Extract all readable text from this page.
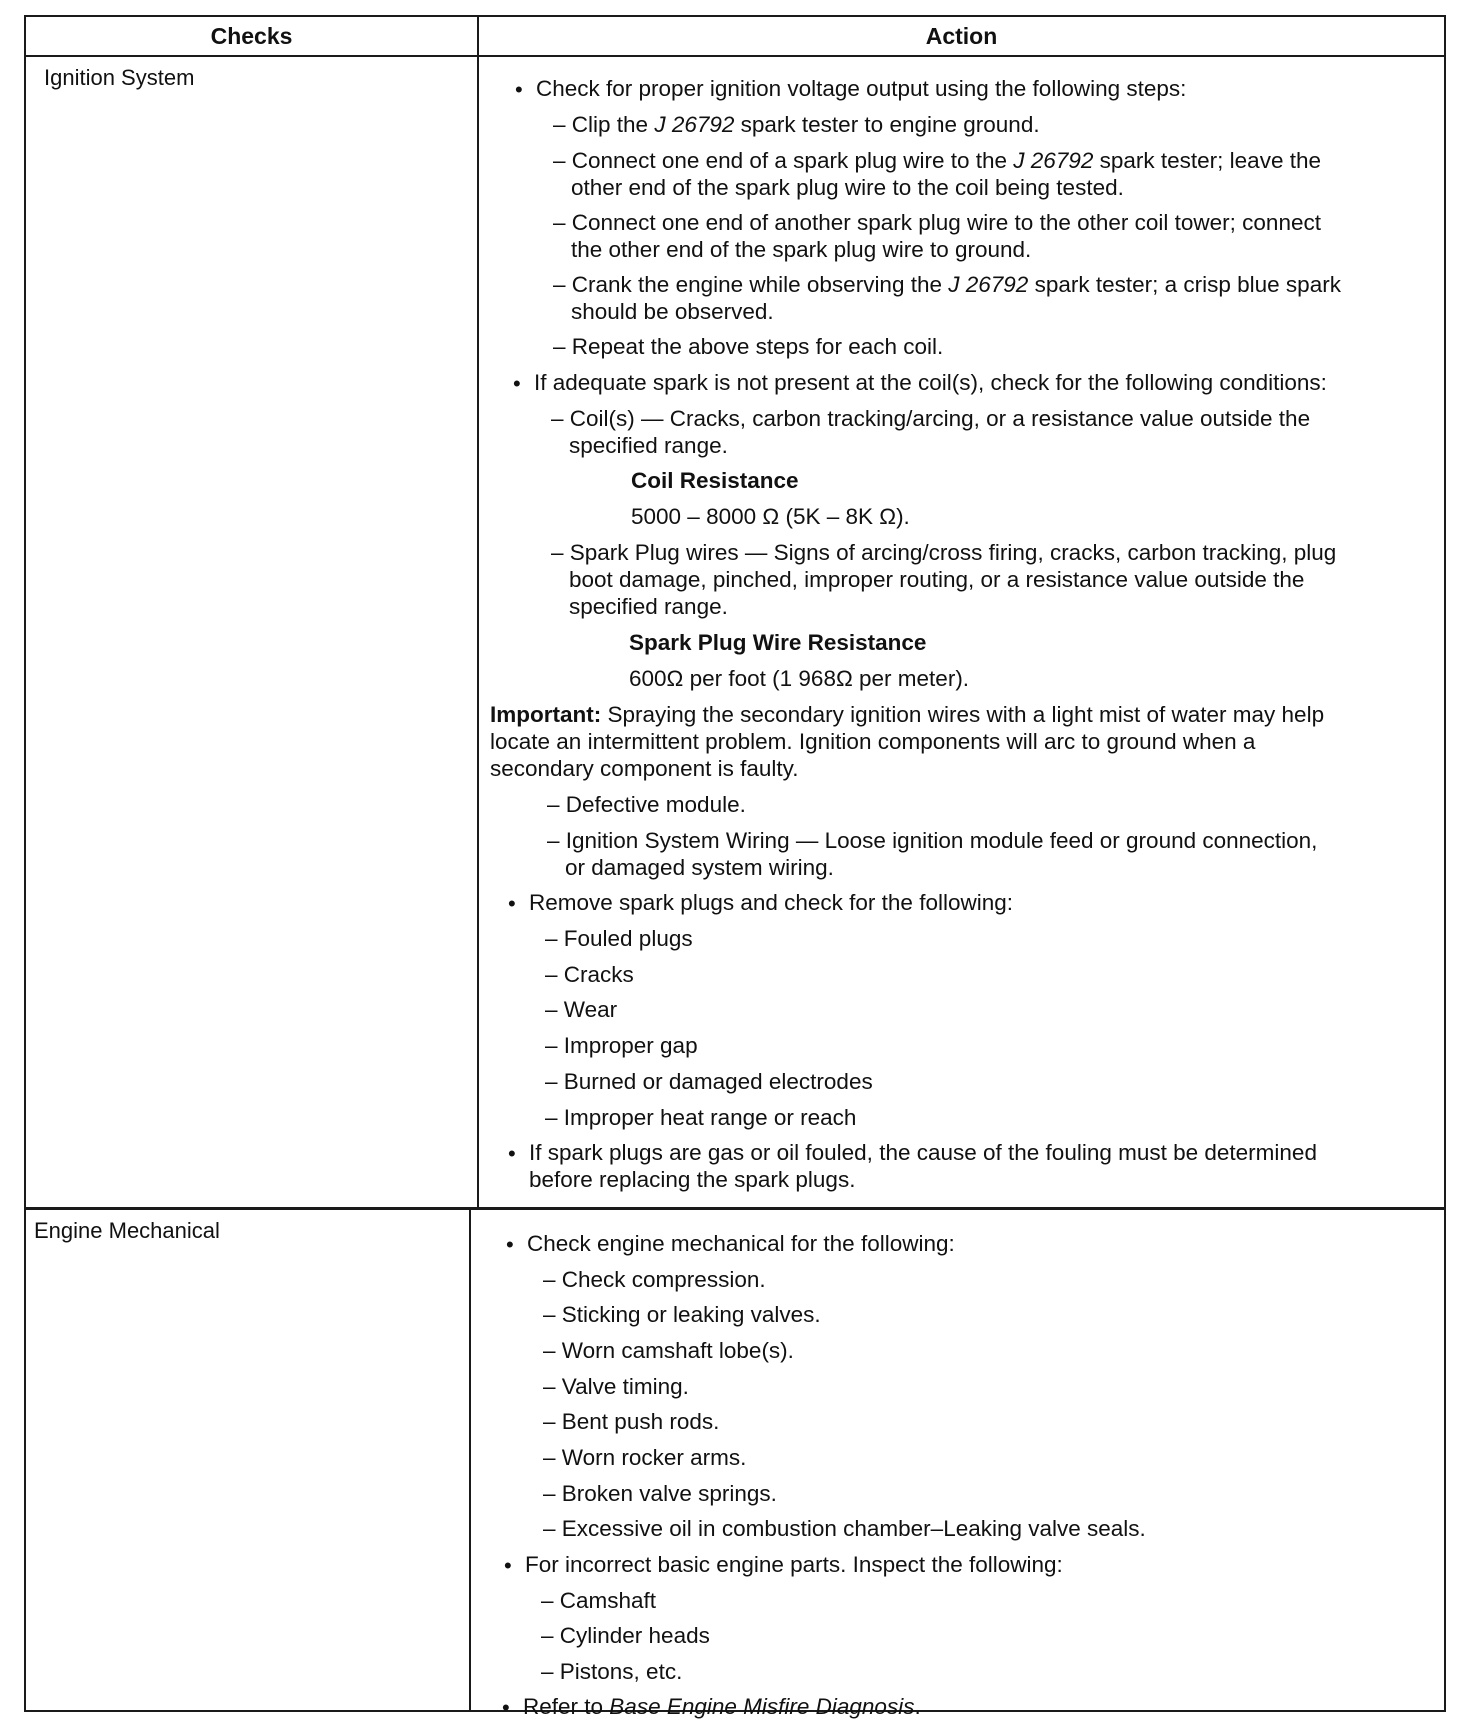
Checks	Action
Ignition System	• Check for proper ignition voltage output using the following steps:
– Clip the J 26792 spark tester to engine ground.
– Connect one end of a spark plug wire to the J 26792 spark tester; leave the
other end of the spark plug wire to the coil being tested.
– Connect one end of another spark plug wire to the other coil tower; connect
the other end of the spark plug wire to ground.
– Crank the engine while observing the J 26792 spark tester; a crisp blue spark
should be observed.
– Repeat the above steps for each coil.
• If adequate spark is not present at the coil(s), check for the following conditions:
– Coil(s) — Cracks, carbon tracking/arcing, or a resistance value outside the
specified range.
Coil Resistance
5000 – 8000 Ω (5K – 8K Ω).
– Spark Plug wires — Signs of arcing/cross firing, cracks, carbon tracking, plug
boot damage, pinched, improper routing, or a resistance value outside the
specified range.
Spark Plug Wire Resistance
600Ω per foot (1 968Ω per meter).
Important: Spraying the secondary ignition wires with a light mist of water may help
locate an intermittent problem. Ignition components will arc to ground when a
secondary component is faulty.
– Defective module.
– Ignition System Wiring — Loose ignition module feed or ground connection,
or damaged system wiring.
• Remove spark plugs and check for the following:
– Fouled plugs
– Cracks
– Wear
– Improper gap
– Burned or damaged electrodes
– Improper heat range or reach
• If spark plugs are gas or oil fouled, the cause of the fouling must be determined
before replacing the spark plugs.
Engine Mechanical
• Check engine mechanical for the following:
– Check compression.
– Sticking or leaking valves.
– Worn camshaft lobe(s).
– Valve timing.
– Bent push rods.
– Worn rocker arms.
– Broken valve springs.
– Excessive oil in combustion chamber–Leaking valve seals.
• For incorrect basic engine parts. Inspect the following:
– Camshaft
– Cylinder heads
– Pistons, etc.
• Refer to Base Engine Misfire Diagnosis.
